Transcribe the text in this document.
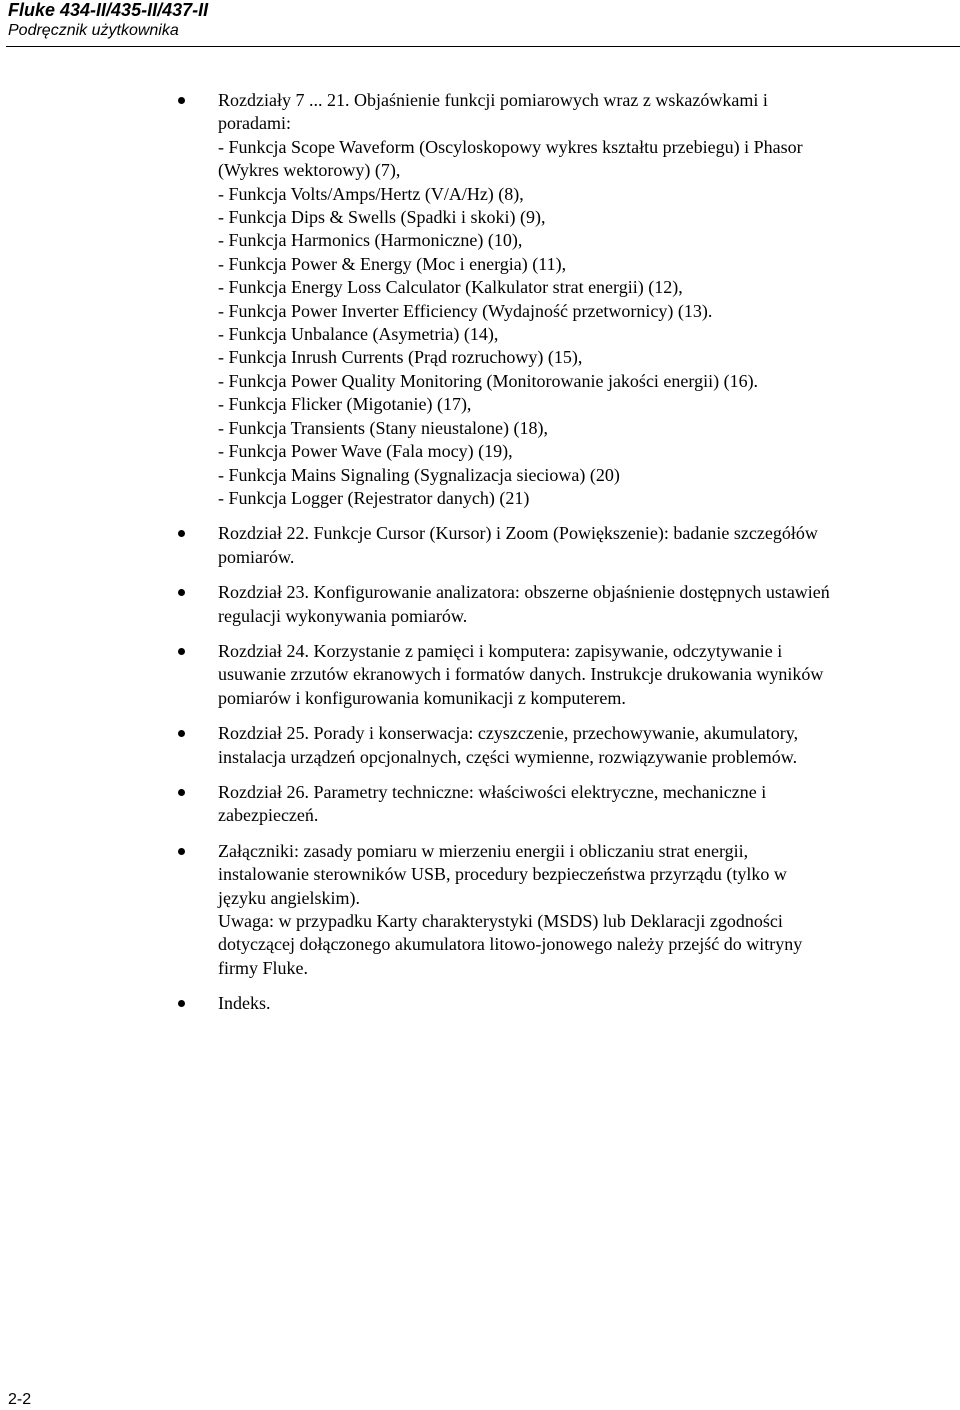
Fluke 434-II/435-II/437-II
Podręcznik użytkownika
Rozdziały 7 ... 21. Objaśnienie funkcji pomiarowych wraz z wskazówkami i
poradami:
- Funkcja Scope Waveform (Oscyloskopowy wykres kształtu przebiegu) i Phasor
(Wykres wektorowy) (7),
- Funkcja Volts/Amps/Hertz (V/A/Hz) (8),
- Funkcja Dips & Swells (Spadki i skoki) (9),
- Funkcja Harmonics (Harmoniczne) (10),
- Funkcja Power & Energy (Moc i energia) (11),
- Funkcja Energy Loss Calculator (Kalkulator strat energii) (12),
- Funkcja Power Inverter Efficiency (Wydajność przetwornicy) (13).
- Funkcja Unbalance (Asymetria) (14),
- Funkcja Inrush Currents (Prąd rozruchowy) (15),
- Funkcja Power Quality Monitoring (Monitorowanie jakości energii) (16).
- Funkcja Flicker (Migotanie) (17),
- Funkcja Transients (Stany nieustalone) (18),
- Funkcja Power Wave (Fala mocy) (19),
- Funkcja Mains Signaling (Sygnalizacja sieciowa) (20)
- Funkcja Logger (Rejestrator danych) (21)
Rozdział 22. Funkcje Cursor (Kursor) i Zoom (Powiększenie): badanie szczegółów
pomiarów.
Rozdział 23. Konfigurowanie analizatora: obszerne objaśnienie dostępnych ustawień
regulacji wykonywania pomiarów.
Rozdział 24. Korzystanie z pamięci i komputera: zapisywanie, odczytywanie i
usuwanie zrzutów ekranowych i formatów danych. Instrukcje drukowania wyników
pomiarów i konfigurowania komunikacji z komputerem.
Rozdział 25. Porady i konserwacja: czyszczenie, przechowywanie, akumulatory,
instalacja urządzeń opcjonalnych, części wymienne, rozwiązywanie problemów.
Rozdział 26. Parametry techniczne: właściwości elektryczne, mechaniczne i
zabezpieczeń.
Załączniki: zasady pomiaru w mierzeniu energii i obliczaniu strat energii,
instalowanie sterowników USB, procedury bezpieczeństwa przyrządu (tylko w
języku angielskim).
Uwaga: w przypadku Karty charakterystyki (MSDS) lub Deklaracji zgodności
dotyczącej dołączonego akumulatora litowo-jonowego należy przejść do witryny
firmy Fluke.
Indeks.
2-2
